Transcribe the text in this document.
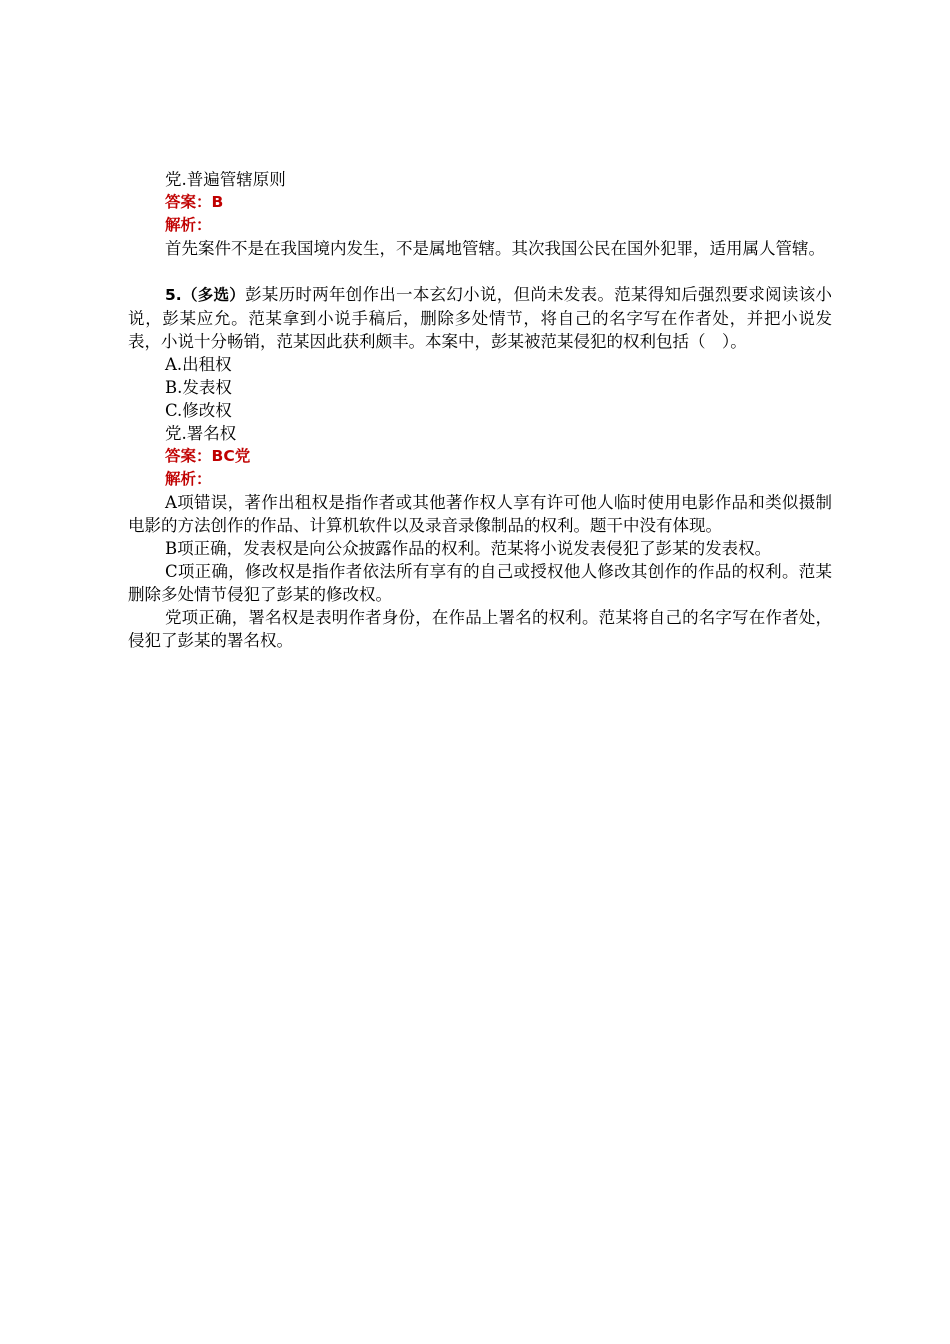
党.普遍管辖原则

答案：B

解析：

首先案件不是在我国境内发生，不是属地管辖。其次我国公民在国外犯罪，适用属人管辖。

5.（多选）彭某历时两年创作出一本玄幻小说，但尚未发表。范某得知后强烈要求阅读该小说，彭某应允。范某拿到小说手稿后，删除多处情节，将自己的名字写在作者处，并把小说发表，小说十分畅销，范某因此获利颇丰。本案中，彭某被范某侵犯的权利包括（　）。

A.出租权

B.发表权

C.修改权

党.署名权

答案：BC党

解析：

A项错误，著作出租权是指作者或其他著作权人享有许可他人临时使用电影作品和类似摄制电影的方法创作的作品、计算机软件以及录音录像制品的权利。题干中没有体现。

B项正确，发表权是向公众披露作品的权利。范某将小说发表侵犯了彭某的发表权。

C项正确，修改权是指作者依法所有享有的自己或授权他人修改其创作的作品的权利。范某删除多处情节侵犯了彭某的修改权。

党项正确，署名权是表明作者身份，在作品上署名的权利。范某将自己的名字写在作者处，侵犯了彭某的署名权。
